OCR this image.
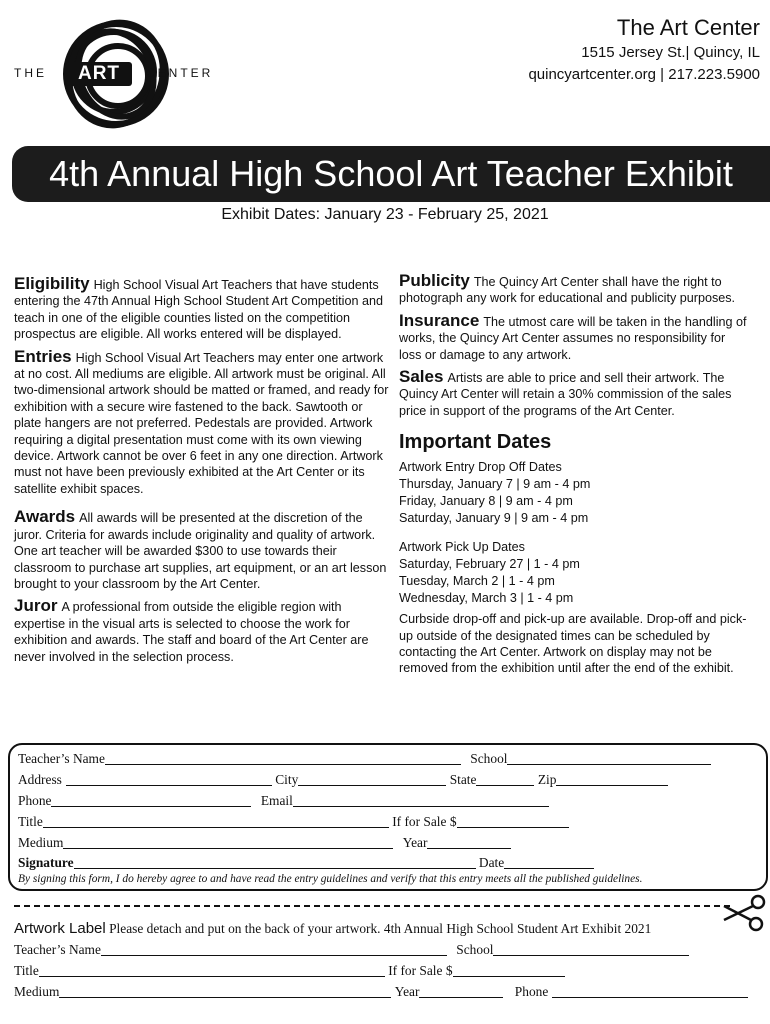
THE	ART	CENTER
The Art Center
1515 Jersey St.| Quincy, IL
quincyartcenter.org | 217.223.5900
4th Annual High School Art Teacher Exhibit
Exhibit Dates: January 23 - February 25, 2021

Eligibility High School Visual Art Teachers that have students entering the 47th Annual High School Student Art Competition and teach in one of the eligible counties listed on the competition prospectus are eligible. All works entered will be displayed.

Entries High School Visual Art Teachers may enter one artwork at no cost. All mediums are eligible. All artwork must be original. All two-dimensional artwork should be matted or framed, and ready for exhibition with a secure wire fastened to the back. Sawtooth or plate hangers are not preferred. Pedestals are provided. Artwork requiring a digital presentation must come with its own viewing device. Artwork cannot be over 6 feet in any one direction. Artwork must not have been previously exhibited at the Art Center or its satellite exhibit spaces.

Awards All awards will be presented at the discretion of the juror. Criteria for awards include originality and quality of artwork. One art teacher will be awarded $300 to use towards their classroom to purchase art supplies, art equipment, or an art lesson brought to your classroom by the Art Center.

Juror A professional from outside the eligible region with expertise in the visual arts is selected to choose the work for exhibition and awards. The staff and board of the Art Center are never involved in the selection process.

Publicity The Quincy Art Center shall have the right to photograph any work for educational and publicity purposes.

Insurance The utmost care will be taken in the handling of works, the Quincy Art Center assumes no responsibility for loss or damage to any artwork.

Sales Artists are able to price and sell their artwork. The Quincy Art Center will retain a 30% commission of the sales price in support of the programs of the Art Center.

Important Dates
Artwork Entry Drop Off Dates
Thursday, January 7 | 9 am - 4 pm
Friday, January 8 | 9 am - 4 pm
Saturday, January 9 | 9 am - 4 pm
Artwork Pick Up Dates
Saturday, February 27 | 1 - 4 pm
Tuesday, March 2 | 1 - 4 pm
Wednesday, March 3 | 1 - 4 pm
Curbside drop-off and pick-up are available. Drop-off and pick-up outside of the designated times can be scheduled by contacting the Art Center. Artwork on display may not be removed from the exhibition until after the end of the exhibit.
Teacher’s Name	School
Address	City	State	Zip
Phone	Email
Title	If for Sale $
Medium	Year
Signature	Date
By signing this form, I do hereby agree to and have read the entry guidelines and verify that this entry meets all the published guidelines.
Artwork Label Please detach and put on the back of your artwork. 4th Annual High School Student Art Exhibit 2021
Teacher’s Name	School
Title	If for Sale $
Medium	Year	Phone
